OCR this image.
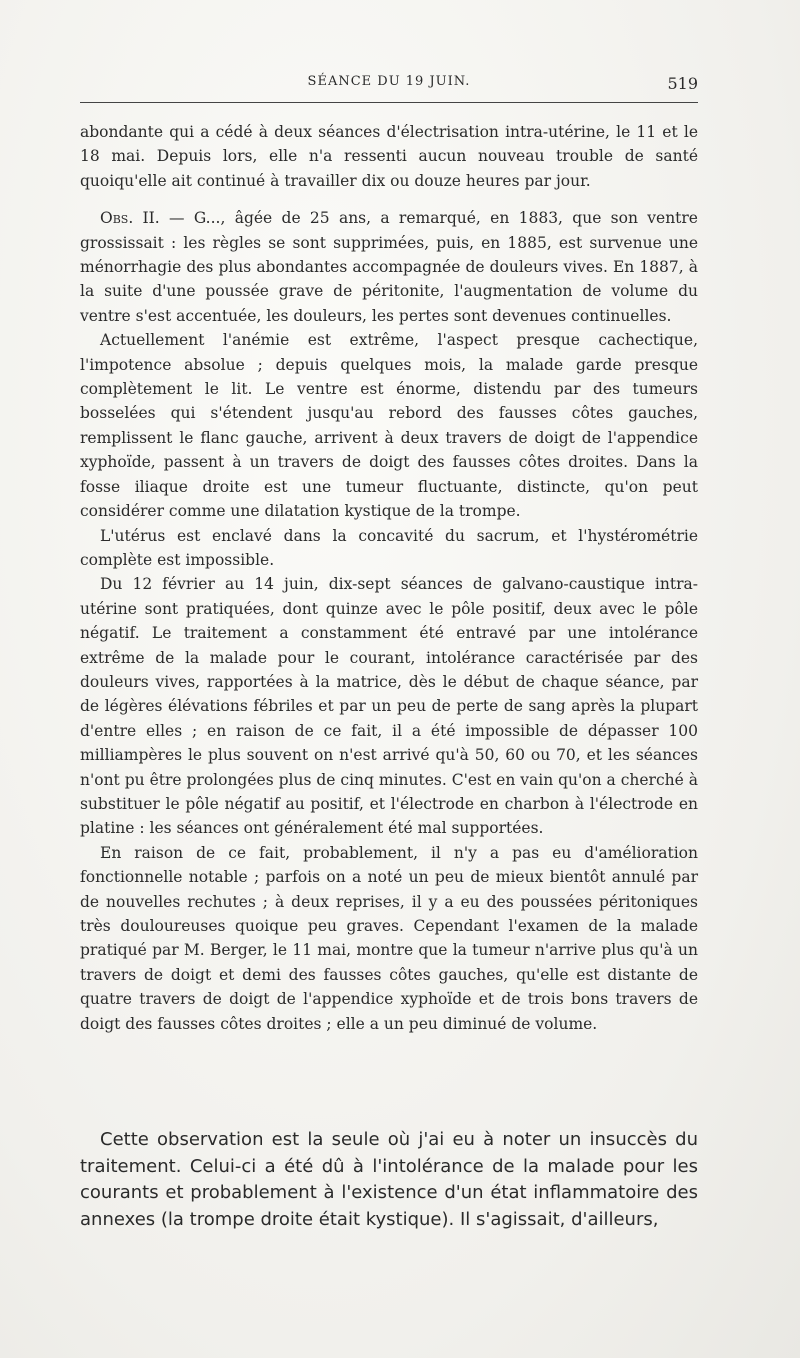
SÉANCE DU 19 JUIN.	519

abondante qui a cédé à deux séances d'électrisation intra-utérine, le 11 et le 18 mai. Depuis lors, elle n'a ressenti aucun nouveau trouble de santé quoiqu'elle ait continué à travailler dix ou douze heures par jour.

Obs. II. — G..., âgée de 25 ans, a remarqué, en 1883, que son ventre grossissait : les règles se sont supprimées, puis, en 1885, est survenue une ménorrhagie des plus abondantes accompagnée de douleurs vives. En 1887, à la suite d'une poussée grave de péritonite, l'augmentation de volume du ventre s'est accentuée, les douleurs, les pertes sont devenues continuelles.

Actuellement l'anémie est extrême, l'aspect presque cachectique, l'impotence absolue ; depuis quelques mois, la malade garde presque complètement le lit. Le ventre est énorme, distendu par des tumeurs bosselées qui s'étendent jusqu'au rebord des fausses côtes gauches, remplissent le flanc gauche, arrivent à deux travers de doigt de l'appendice xyphoïde, passent à un travers de doigt des fausses côtes droites. Dans la fosse iliaque droite est une tumeur fluctuante, distincte, qu'on peut considérer comme une dilatation kystique de la trompe.

L'utérus est enclavé dans la concavité du sacrum, et l'hystérométrie complète est impossible.

Du 12 février au 14 juin, dix-sept séances de galvano-caustique intra-utérine sont pratiquées, dont quinze avec le pôle positif, deux avec le pôle négatif. Le traitement a constamment été entravé par une intolérance extrême de la malade pour le courant, intolérance caractérisée par des douleurs vives, rapportées à la matrice, dès le début de chaque séance, par de légères élévations fébriles et par un peu de perte de sang après la plupart d'entre elles ; en raison de ce fait, il a été impossible de dépasser 100 milliampères le plus souvent on n'est arrivé qu'à 50, 60 ou 70, et les séances n'ont pu être prolongées plus de cinq minutes. C'est en vain qu'on a cherché à substituer le pôle négatif au positif, et l'électrode en charbon à l'électrode en platine : les séances ont généralement été mal supportées.

En raison de ce fait, probablement, il n'y a pas eu d'amélioration fonctionnelle notable ; parfois on a noté un peu de mieux bientôt annulé par de nouvelles rechutes ; à deux reprises, il y a eu des poussées péritoniques très douloureuses quoique peu graves. Cependant l'examen de la malade pratiqué par M. Berger, le 11 mai, montre que la tumeur n'arrive plus qu'à un travers de doigt et demi des fausses côtes gauches, qu'elle est distante de quatre travers de doigt de l'appendice xyphoïde et de trois bons travers de doigt des fausses côtes droites ; elle a un peu diminué de volume.

Cette observation est la seule où j'ai eu à noter un insuccès du traitement. Celui-ci a été dû à l'intolérance de la malade pour les courants et probablement à l'existence d'un état inflammatoire des annexes (la trompe droite était kystique). Il s'agissait, d'ailleurs,
